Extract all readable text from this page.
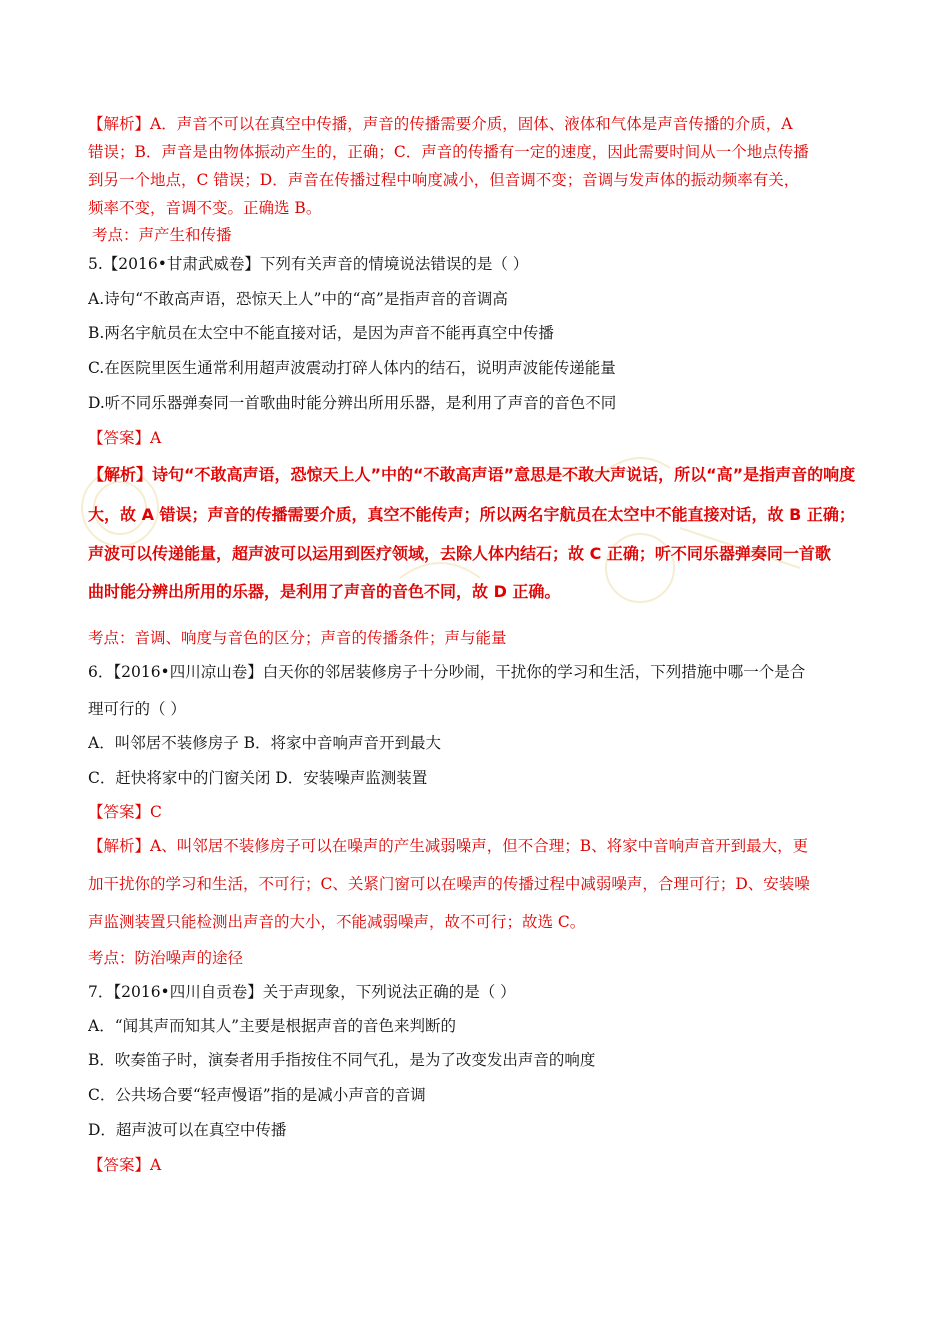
【解析】A．声音不可以在真空中传播，声音的传播需要介质，固体、液体和气体是声音传播的介质，A
错误；B．声音是由物体振动产生的，正确；C．声音的传播有一定的速度，因此需要时间从一个地点传播
到另一个地点，C 错误；D．声音在传播过程中响度减小，但音调不变；音调与发声体的振动频率有关，
频率不变，音调不变。正确选 B。
考点：声产生和传播
5.【2016•甘肃武威卷】下列有关声音的情境说法错误的是（ ）
A.诗句“不敢高声语，恐惊天上人”中的“高”是指声音的音调高
B.两名宇航员在太空中不能直接对话，是因为声音不能再真空中传播
C.在医院里医生通常利用超声波震动打碎人体内的结石，说明声波能传递能量
D.听不同乐器弹奏同一首歌曲时能分辨出所用乐器，是利用了声音的音色不同
【答案】A
【解析】诗句“不敢高声语，恐惊天上人”中的“不敢高声语”意思是不敢大声说话，所以“高”是指声音的响度
大，故 A 错误；声音的传播需要介质，真空不能传声；所以两名宇航员在太空中不能直接对话，故 B 正确；
声波可以传递能量，超声波可以运用到医疗领域，去除人体内结石；故 C 正确；听不同乐器弹奏同一首歌
曲时能分辨出所用的乐器，是利用了声音的音色不同，故 D 正确。
考点：音调、响度与音色的区分；声音的传播条件；声与能量
6．【2016•四川凉山卷】白天你的邻居装修房子十分吵闹，干扰你的学习和生活，下列措施中哪一个是合
理可行的（ ）
A．叫邻居不装修房子 B．将家中音响声音开到最大
C．赶快将家中的门窗关闭 D．安装噪声监测装置
【答案】C
【解析】A、叫邻居不装修房子可以在噪声的产生减弱噪声，但不合理；B、将家中音响声音开到最大，更
加干扰你的学习和生活，不可行；C、关紧门窗可以在噪声的传播过程中减弱噪声，合理可行；D、安装噪
声监测装置只能检测出声音的大小，不能减弱噪声，故不可行；故选 C。
考点：防治噪声的途径
7．【2016•四川自贡卷】关于声现象，下列说法正确的是（ ）
A．“闻其声而知其人”主要是根据声音的音色来判断的
B．吹奏笛子时，演奏者用手指按住不同气孔，是为了改变发出声音的响度
C．公共场合要“轻声慢语”指的是减小声音的音调
D．超声波可以在真空中传播
【答案】A
